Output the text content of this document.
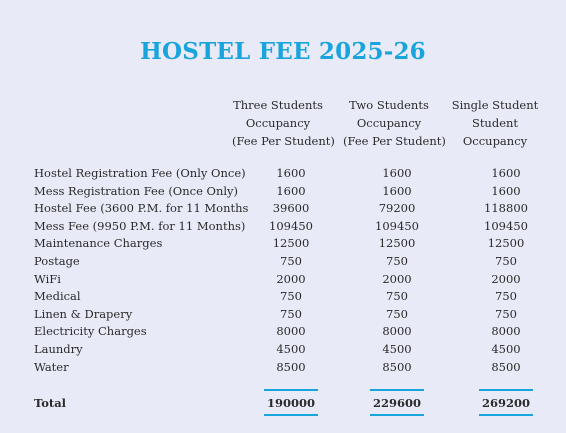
HOSTEL FEE 2025-26
Three Students
Occupancy
(Fee Per Student)
Two Students
Occupancy
(Fee Per Student)
Single Student
Student
Occupancy
Hostel Registration Fee (Only Once)	1600	1600	1600
Mess Registration Fee (Once Only)	1600	1600	1600
Hostel Fee (3600 P.M. for 11 Months	39600	79200	118800
Mess Fee (9950 P.M. for 11 Months)	109450	109450	109450
Maintenance Charges	12500	12500	12500
Postage	750	750	750
WiFi	2000	2000	2000
Medical	750	750	750
Linen & Drapery	750	750	750
Electricity Charges	8000	8000	8000
Laundry	4500	4500	4500
Water	8500	8500	8500
Total	190000	229600	269200
